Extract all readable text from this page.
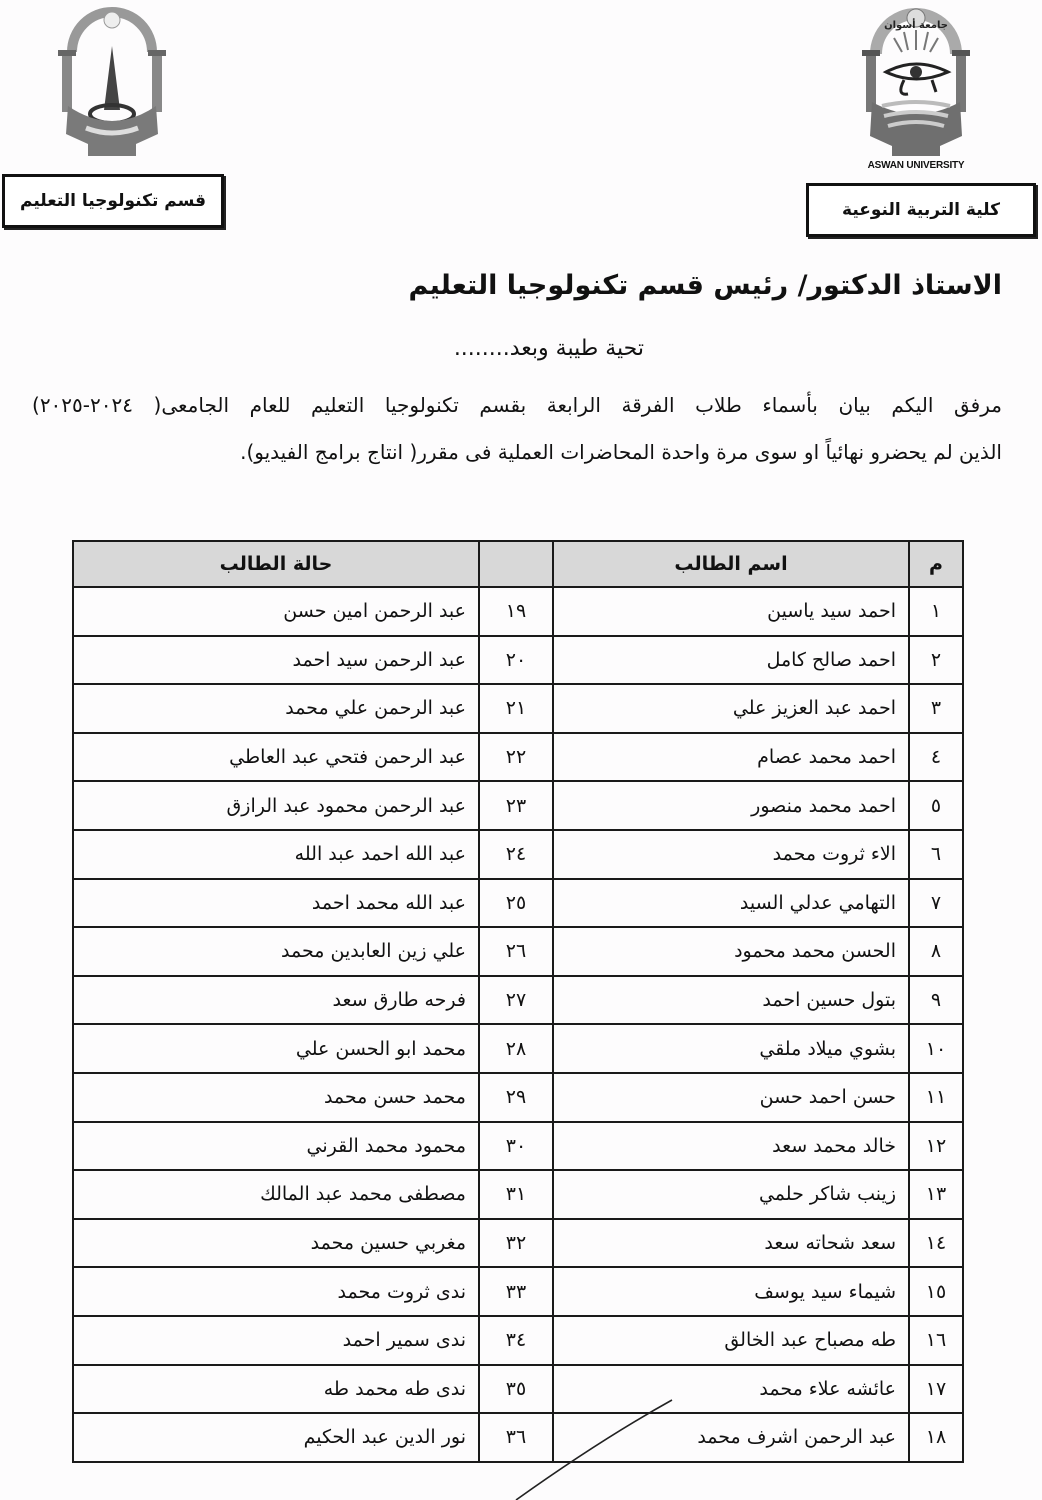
جامعة أسوان
ASWAN UNIVERSITY
كلية التربية النوعية
قسم تكنولوجيا التعليم
الاستاذ الدكتور/ رئيس قسم تكنولوجيا التعليم
تحية طيبة وبعد........
مرفق اليكم بيان بأسماء طلاب الفرقة الرابعة بقسم تكنولوجيا التعليم للعام الجامعى( ٢٠٢٤-٢٠٢٥)
الذين لم يحضرو نهائياً او سوى مرة واحدة المحاضرات العملية فى مقرر( انتاج برامج الفيديو).
م	اسم الطالب		حالة الطالب
١	احمد سيد ياسين	١٩	عبد الرحمن امين حسن
٢	احمد صالح كامل	٢٠	عبد الرحمن سيد احمد
٣	احمد عبد العزيز علي	٢١	عبد الرحمن علي محمد
٤	احمد محمد عصام	٢٢	عبد الرحمن فتحي عبد العاطي
٥	احمد محمد منصور	٢٣	عبد الرحمن محمود عبد الرازق
٦	الاء ثروت محمد	٢٤	عبد الله احمد عبد الله
٧	التهامي عدلي السيد	٢٥	عبد الله محمد احمد
٨	الحسن محمد محمود	٢٦	علي زين العابدين محمد
٩	بتول حسين احمد	٢٧	فرحه طارق سعد
١٠	بشوي ميلاد ملقي	٢٨	محمد ابو الحسن علي
١١	حسن احمد حسن	٢٩	محمد حسن محمد
١٢	خالد محمد سعد	٣٠	محمود محمد القرني
١٣	زينب شاكر حلمي	٣١	مصطفى محمد عبد المالك
١٤	سعد شحاته سعد	٣٢	مغربي حسين محمد
١٥	شيماء سيد يوسف	٣٣	ندى ثروت محمد
١٦	طه مصباح عبد الخالق	٣٤	ندى سمير احمد
١٧	عائشه علاء محمد	٣٥	ندى طه محمد طه
١٨	عبد الرحمن اشرف محمد	٣٦	نور الدين عبد الحكيم
